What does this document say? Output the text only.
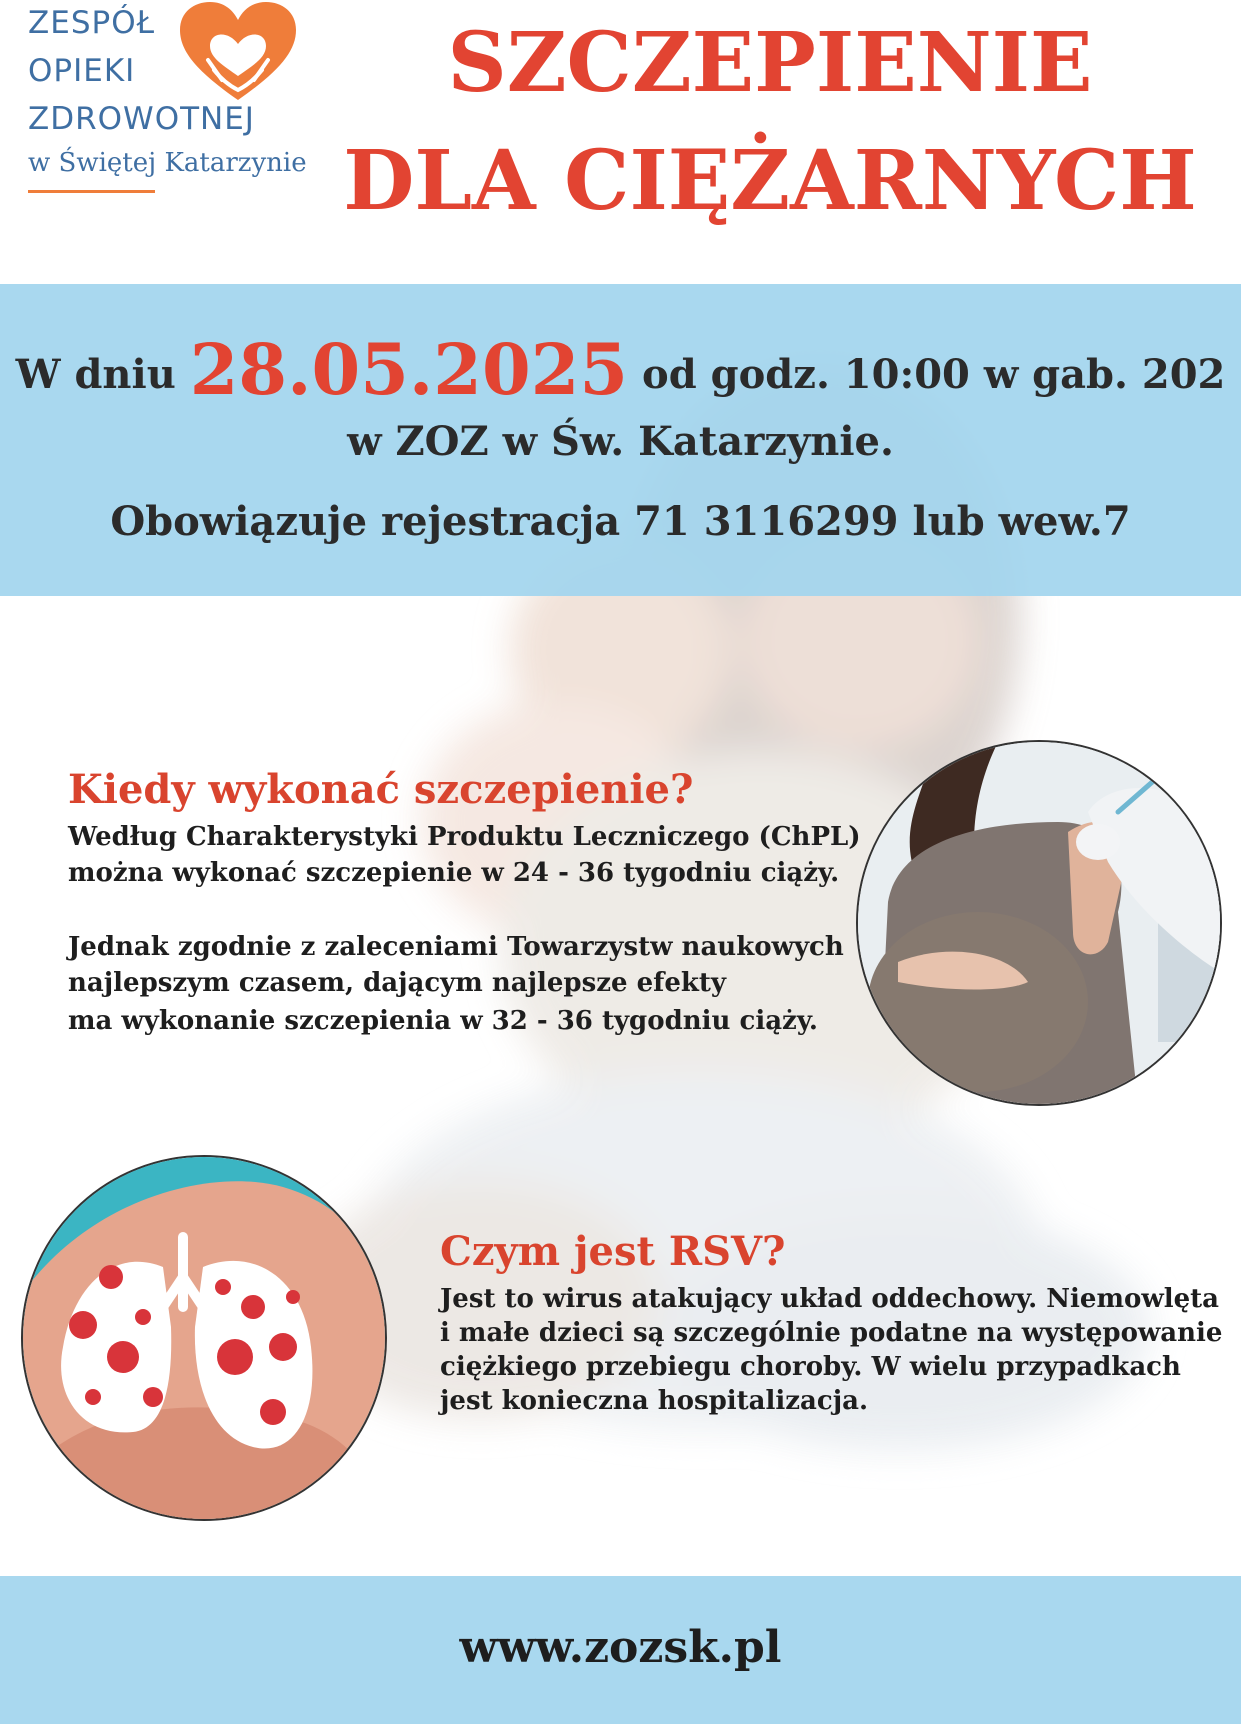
ZESPÓŁ
OPIEKI
ZDROWOTNEJ
w Świętej Katarzynie
SZCZEPIENIE
DLA CIĘŻARNYCH
W dniu 28.05.2025 od godz. 10:00 w gab. 202
w ZOZ w Św. Katarzynie.
Obowiązuje rejestracja 71 3116299 lub wew.7
Kiedy wykonać szczepienie?
Według Charakterystyki Produktu Leczniczego (ChPL)
można wykonać szczepienie w 24 - 36 tygodniu ciąży.
Jednak zgodnie z zaleceniami Towarzystw naukowych
najlepszym czasem, dającym najlepsze efekty
ma wykonanie szczepienia w 32 - 36 tygodniu ciąży.
Czym jest RSV?
Jest to wirus atakujący układ oddechowy. Niemowlęta
i małe dzieci są szczególnie podatne na występowanie
ciężkiego przebiegu choroby. W wielu przypadkach
jest konieczna hospitalizacja.
www.zozsk.pl
